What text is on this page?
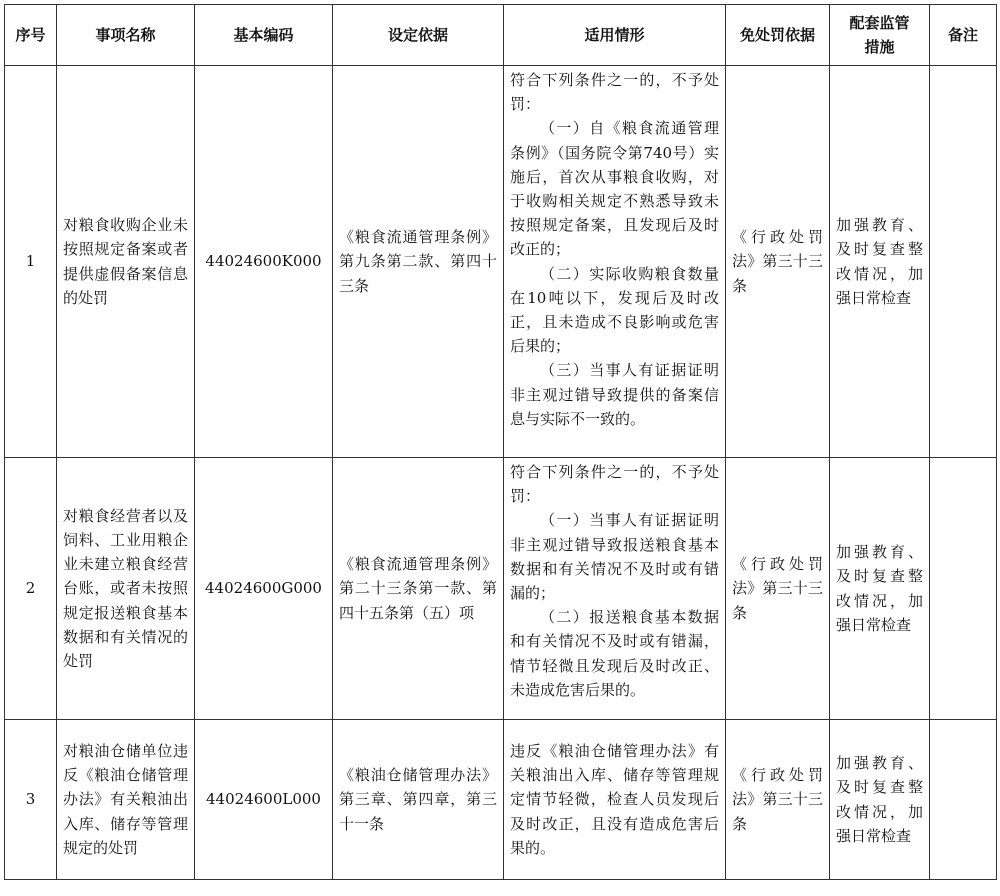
序号	事项名称	基本编码	设定依据	适用情形	免处罚依据	配套监管措施	备注
1	对粮食收购企业未按照规定备案或者提供虚假备案信息的处罚	44024600K000	《粮食流通管理条例》第九条第二款、第四十三条	符合下列条件之一的，不予处罚：

（一）自《粮食流通管理条例》（国务院令第740号）实施后，首次从事粮食收购，对于收购相关规定不熟悉导致未按照规定备案，且发现后及时改正的；

（二）实际收购粮食数量在10吨以下，发现后及时改正，且未造成不良影响或危害后果的；

（三）当事人有证据证明非主观过错导致提供的备案信息与实际不一致的。	《行政处罚法》第三十三条	加强教育、及时复查整改情况，加强日常检查	
2	对粮食经营者以及饲料、工业用粮企业未建立粮食经营台账，或者未按照规定报送粮食基本数据和有关情况的处罚	44024600G000	《粮食流通管理条例》第二十三条第一款、第四十五条第（五）项	符合下列条件之一的，不予处罚：

（一）当事人有证据证明非主观过错导致报送粮食基本数据和有关情况不及时或有错漏的；

（二）报送粮食基本数据和有关情况不及时或有错漏，情节轻微且发现后及时改正、未造成危害后果的。	《行政处罚法》第三十三条	加强教育、及时复查整改情况，加强日常检查	
3	对粮油仓储单位违反《粮油仓储管理办法》有关粮油出入库、储存等管理规定的处罚	44024600L000	《粮油仓储管理办法》第三章、第四章，第三十一条	违反《粮油仓储管理办法》有关粮油出入库、储存等管理规定情节轻微，检查人员发现后及时改正，且没有造成危害后果的。	《行政处罚法》第三十三条	加强教育、及时复查整改情况，加强日常检查	
